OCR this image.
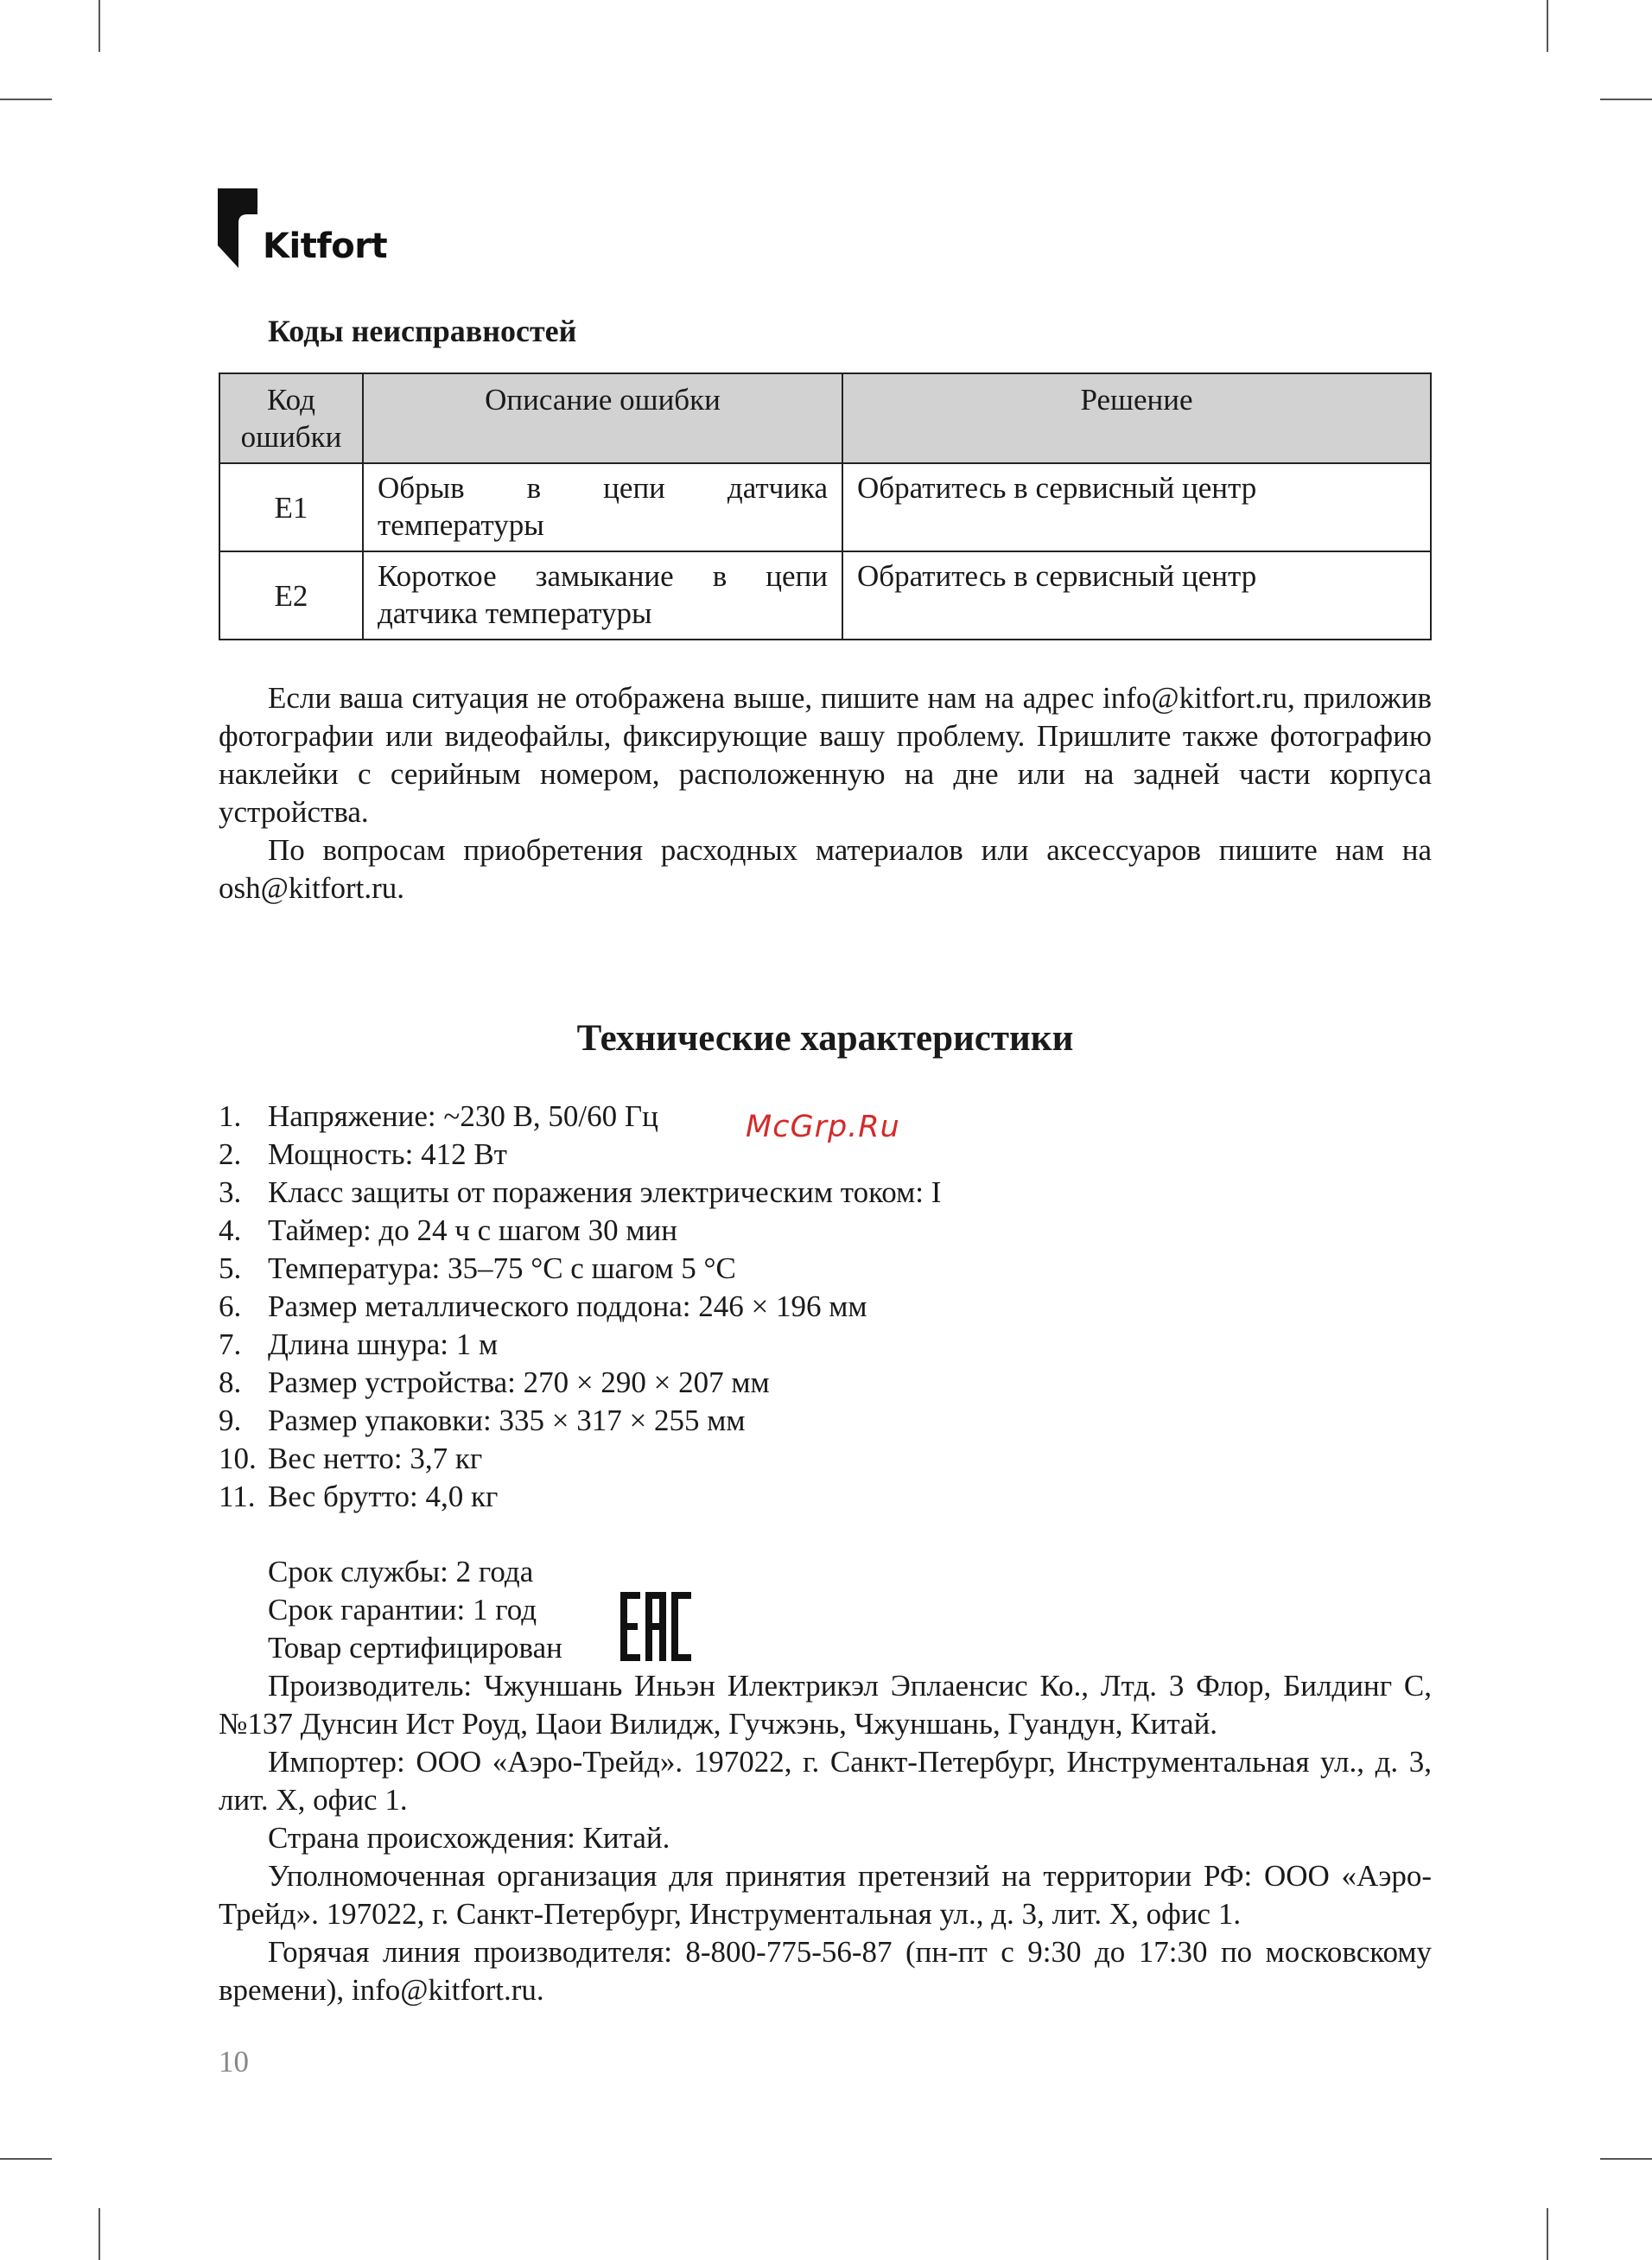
Kitfort
Коды неисправностей
Код ошибки	Описание ошибки	Решение
E1	Обрыв в цепи датчика температуры	Обратитесь в сервисный центр
E2	Короткое замыкание в цепи датчика температуры	Обратитесь в сервисный центр

Если ваша ситуация не отображена выше, пишите нам на адрес info@kitfort.ru, приложив фотографии или видеофайлы, фиксирующие вашу проблему. Пришлите также фотографию наклейки с серийным номером, расположенную на дне или на задней части корпуса устройства.

По вопросам приобретения расходных материалов или аксессуаров пишите нам на osh@kitfort.ru.

Технические характеристики
1. Напряжение: ~230 В, 50/60 Гц
2. Мощность: 412 Вт
3. Класс защиты от поражения электрическим током: I
4. Таймер: до 24 ч с шагом 30 мин
5. Температура: 35–75 °C с шагом 5 °C
6. Размер металлического поддона: 246 × 196 мм
7. Длина шнура: 1 м
8. Размер устройства: 270 × 290 × 207 мм
9. Размер упаковки: 335 × 317 × 255 мм
10. Вес нетто: 3,7 кг
11. Вес брутто: 4,0 кг
McGrp.Ru
Срок службы: 2 года
Срок гарантии: 1 год
Товар сертифицирован

Производитель: Чжуншань Иньэн Илектрикэл Эплаенсис Ко., Лтд. 3 Флор, Билдинг С, №137 Дунсин Ист Роуд, Цаои Вилидж, Гучжэнь, Чжуншань, Гуандун, Китай.

Импортер: ООО «Аэро-Трейд». 197022, г. Санкт-Петербург, Инструментальная ул., д. 3, лит. Х, офис 1.

Страна происхождения: Китай.

Уполномоченная организация для принятия претензий на территории РФ: ООО «Аэро-Трейд». 197022, г. Санкт-Петербург, Инструментальная ул., д. 3, лит. Х, офис 1.

Горячая линия производителя: 8-800-775-56-87 (пн-пт с 9:30 до 17:30 по московскому времени), info@kitfort.ru.

10
